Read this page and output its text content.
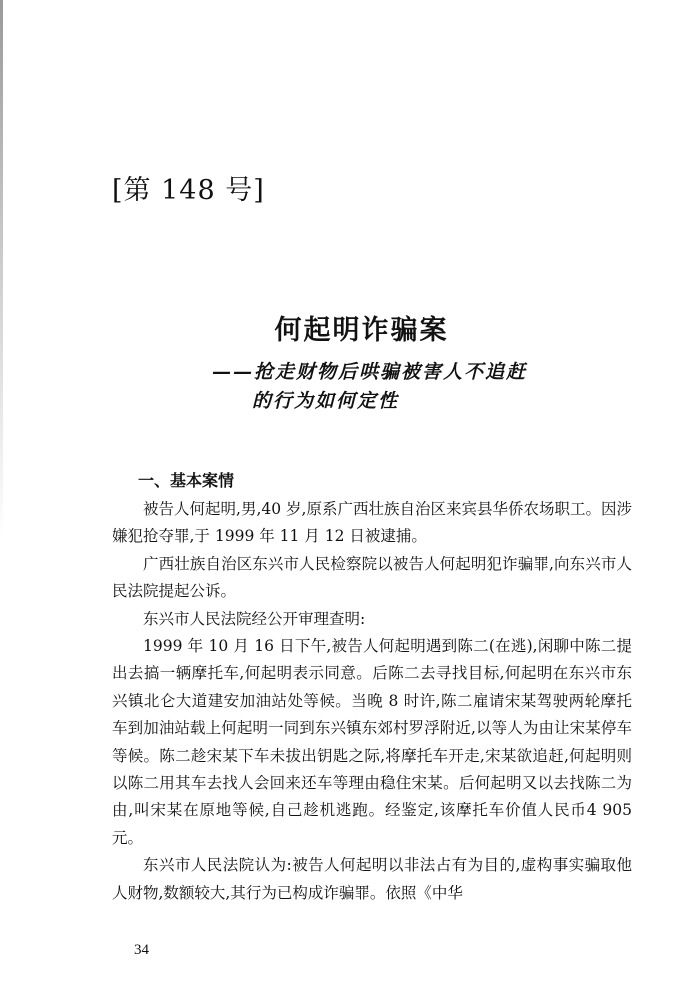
[第 148 号]
何起明诈骗案
——抢走财物后哄骗被害人不追赶
的行为如何定性
一、基本案情

被告人何起明,男,40 岁,原系广西壮族自治区来宾县华侨农场职工。因涉嫌犯抢夺罪,于 1999 年 11 月 12 日被逮捕。

广西壮族自治区东兴市人民检察院以被告人何起明犯诈骗罪,向东兴市人民法院提起公诉。

东兴市人民法院经公开审理查明:

1999 年 10 月 16 日下午,被告人何起明遇到陈二(在逃),闲聊中陈二提出去搞一辆摩托车,何起明表示同意。后陈二去寻找目标,何起明在东兴市东兴镇北仑大道建安加油站处等候。当晚 8 时许,陈二雇请宋某驾驶两轮摩托车到加油站载上何起明一同到东兴镇东郊村罗浮附近,以等人为由让宋某停车等候。陈二趁宋某下车未拔出钥匙之际,将摩托车开走,宋某欲追赶,何起明则以陈二用其车去找人会回来还车等理由稳住宋某。后何起明又以去找陈二为由,叫宋某在原地等候,自己趁机逃跑。经鉴定,该摩托车价值人民币4 905元。

东兴市人民法院认为:被告人何起明以非法占有为目的,虚构事实骗取他人财物,数额较大,其行为已构成诈骗罪。依照《中华

34
